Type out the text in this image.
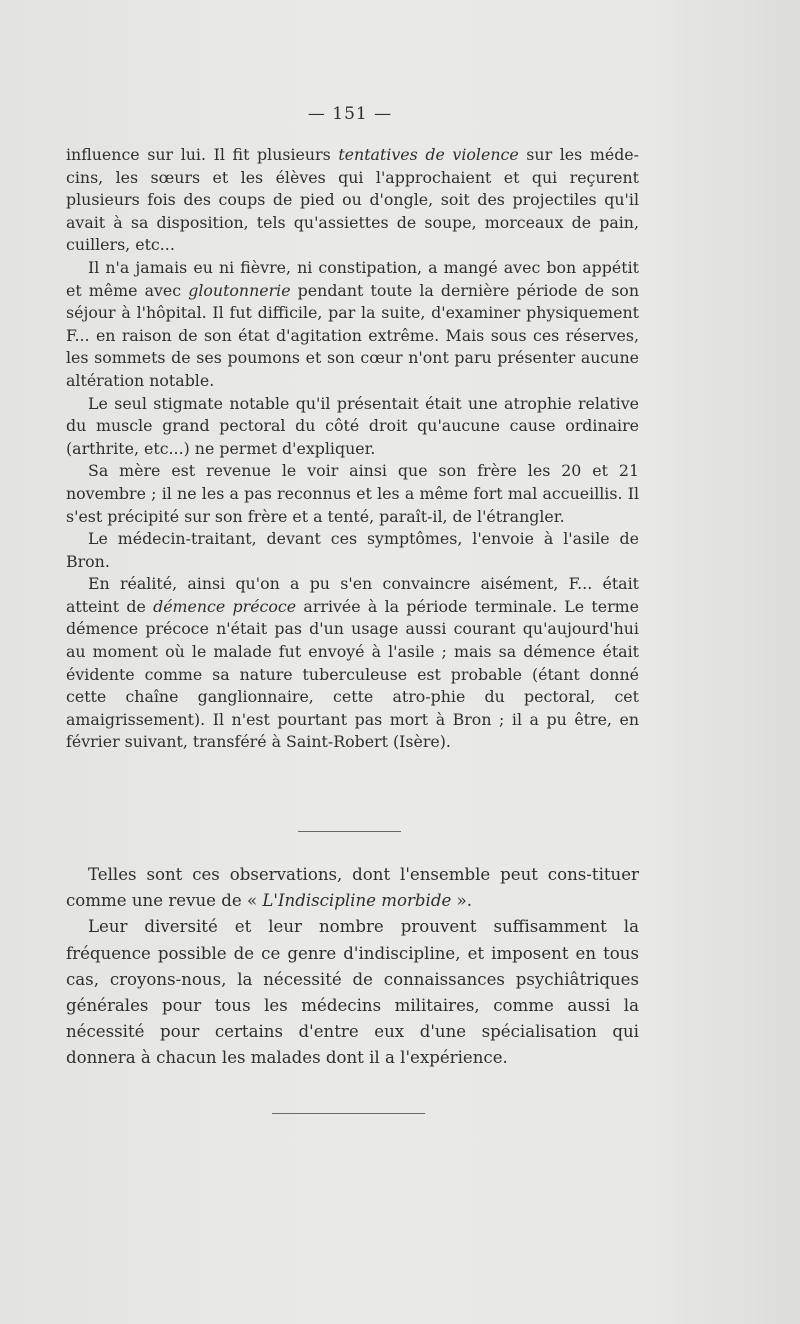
— 151 —

influence sur lui. Il fit plusieurs tentatives de violence sur les méde-cins, les sœurs et les élèves qui l'approchaient et qui reçurent plusieurs fois des coups de pied ou d'ongle, soit des projectiles qu'il avait à sa disposition, tels qu'assiettes de soupe, morceaux de pain, cuillers, etc...

Il n'a jamais eu ni fièvre, ni constipation, a mangé avec bon appétit et même avec gloutonnerie pendant toute la dernière période de son séjour à l'hôpital. Il fut difficile, par la suite, d'examiner physiquement F... en raison de son état d'agitation extrême. Mais sous ces réserves, les sommets de ses poumons et son cœur n'ont paru présenter aucune altération notable.

Le seul stigmate notable qu'il présentait était une atrophie relative du muscle grand pectoral du côté droit qu'aucune cause ordinaire (arthrite, etc...) ne permet d'expliquer.

Sa mère est revenue le voir ainsi que son frère les 20 et 21 novembre ; il ne les a pas reconnus et les a même fort mal accueillis. Il s'est précipité sur son frère et a tenté, paraît-il, de l'étrangler.

Le médecin-traitant, devant ces symptômes, l'envoie à l'asile de Bron.

En réalité, ainsi qu'on a pu s'en convaincre aisément, F... était atteint de démence précoce arrivée à la période terminale. Le terme démence précoce n'était pas d'un usage aussi courant qu'aujourd'hui au moment où le malade fut envoyé à l'asile ; mais sa démence était évidente comme sa nature tuberculeuse est probable (étant donné cette chaîne ganglionnaire, cette atro-phie du pectoral, cet amaigrissement). Il n'est pourtant pas mort à Bron ; il a pu être, en février suivant, transféré à Saint-Robert (Isère).

Telles sont ces observations, dont l'ensemble peut cons-tituer comme une revue de « L'Indiscipline morbide ».

Leur diversité et leur nombre prouvent suffisamment la fréquence possible de ce genre d'indiscipline, et imposent en tous cas, croyons-nous, la nécessité de connaissances psychiâtriques générales pour tous les médecins militaires, comme aussi la nécessité pour certains d'entre eux d'une spécialisation qui donnera à chacun les malades dont il a l'expérience.
